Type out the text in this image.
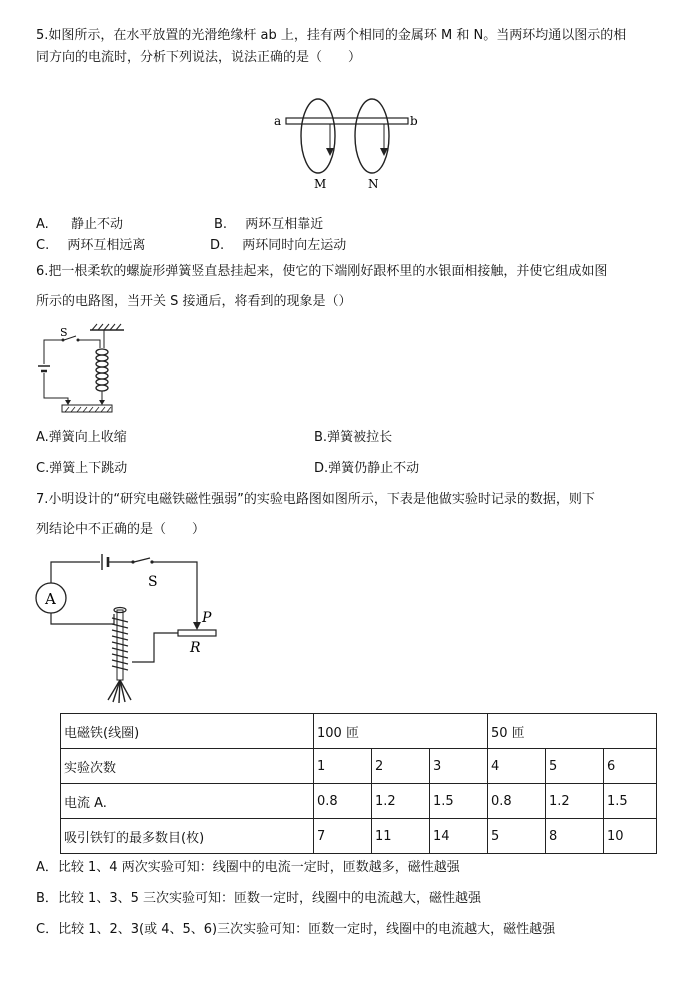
5.如图所示，在水平放置的光滑绝缘杆 ab 上，挂有两个相同的金属环 M 和 N。当两环均通以图示的相
同方向的电流时，分析下列说法，说法正确的是（　　）
a	b
M	N
A. 静止不动	B. 两环互相靠近
C. 两环互相远离	D. 两环同时向左运动
6.把一根柔软的螺旋形弹簧竖直悬挂起来，使它的下端刚好跟杯里的水银面相接触，并使它组成如图
所示的电路图，当开关 S 接通后，将看到的现象是（）
S
A.弹簧向上收缩	B.弹簧被拉长
C.弹簧上下跳动	D.弹簧仍静止不动
7.小明设计的“研究电磁铁磁性强弱”的实验电路图如图所示，下表是他做实验时记录的数据，则下
列结论中不正确的是（　　）
A
S
P
R
电磁铁(线圈)	100 匝			50 匝		
实验次数	1	2	3	4	5	6
电流 A.	0.8	1.2	1.5	0.8	1.2	1.5
吸引铁钉的最多数目(枚)	7	11	14	5	8	10
A．比较 1、4 两次实验可知：线圈中的电流一定时，匝数越多，磁性越强
B．比较 1、3、5 三次实验可知：匝数一定时，线圈中的电流越大，磁性越强
C．比较 1、2、3(或 4、5、6)三次实验可知：匝数一定时，线圈中的电流越大，磁性越强
